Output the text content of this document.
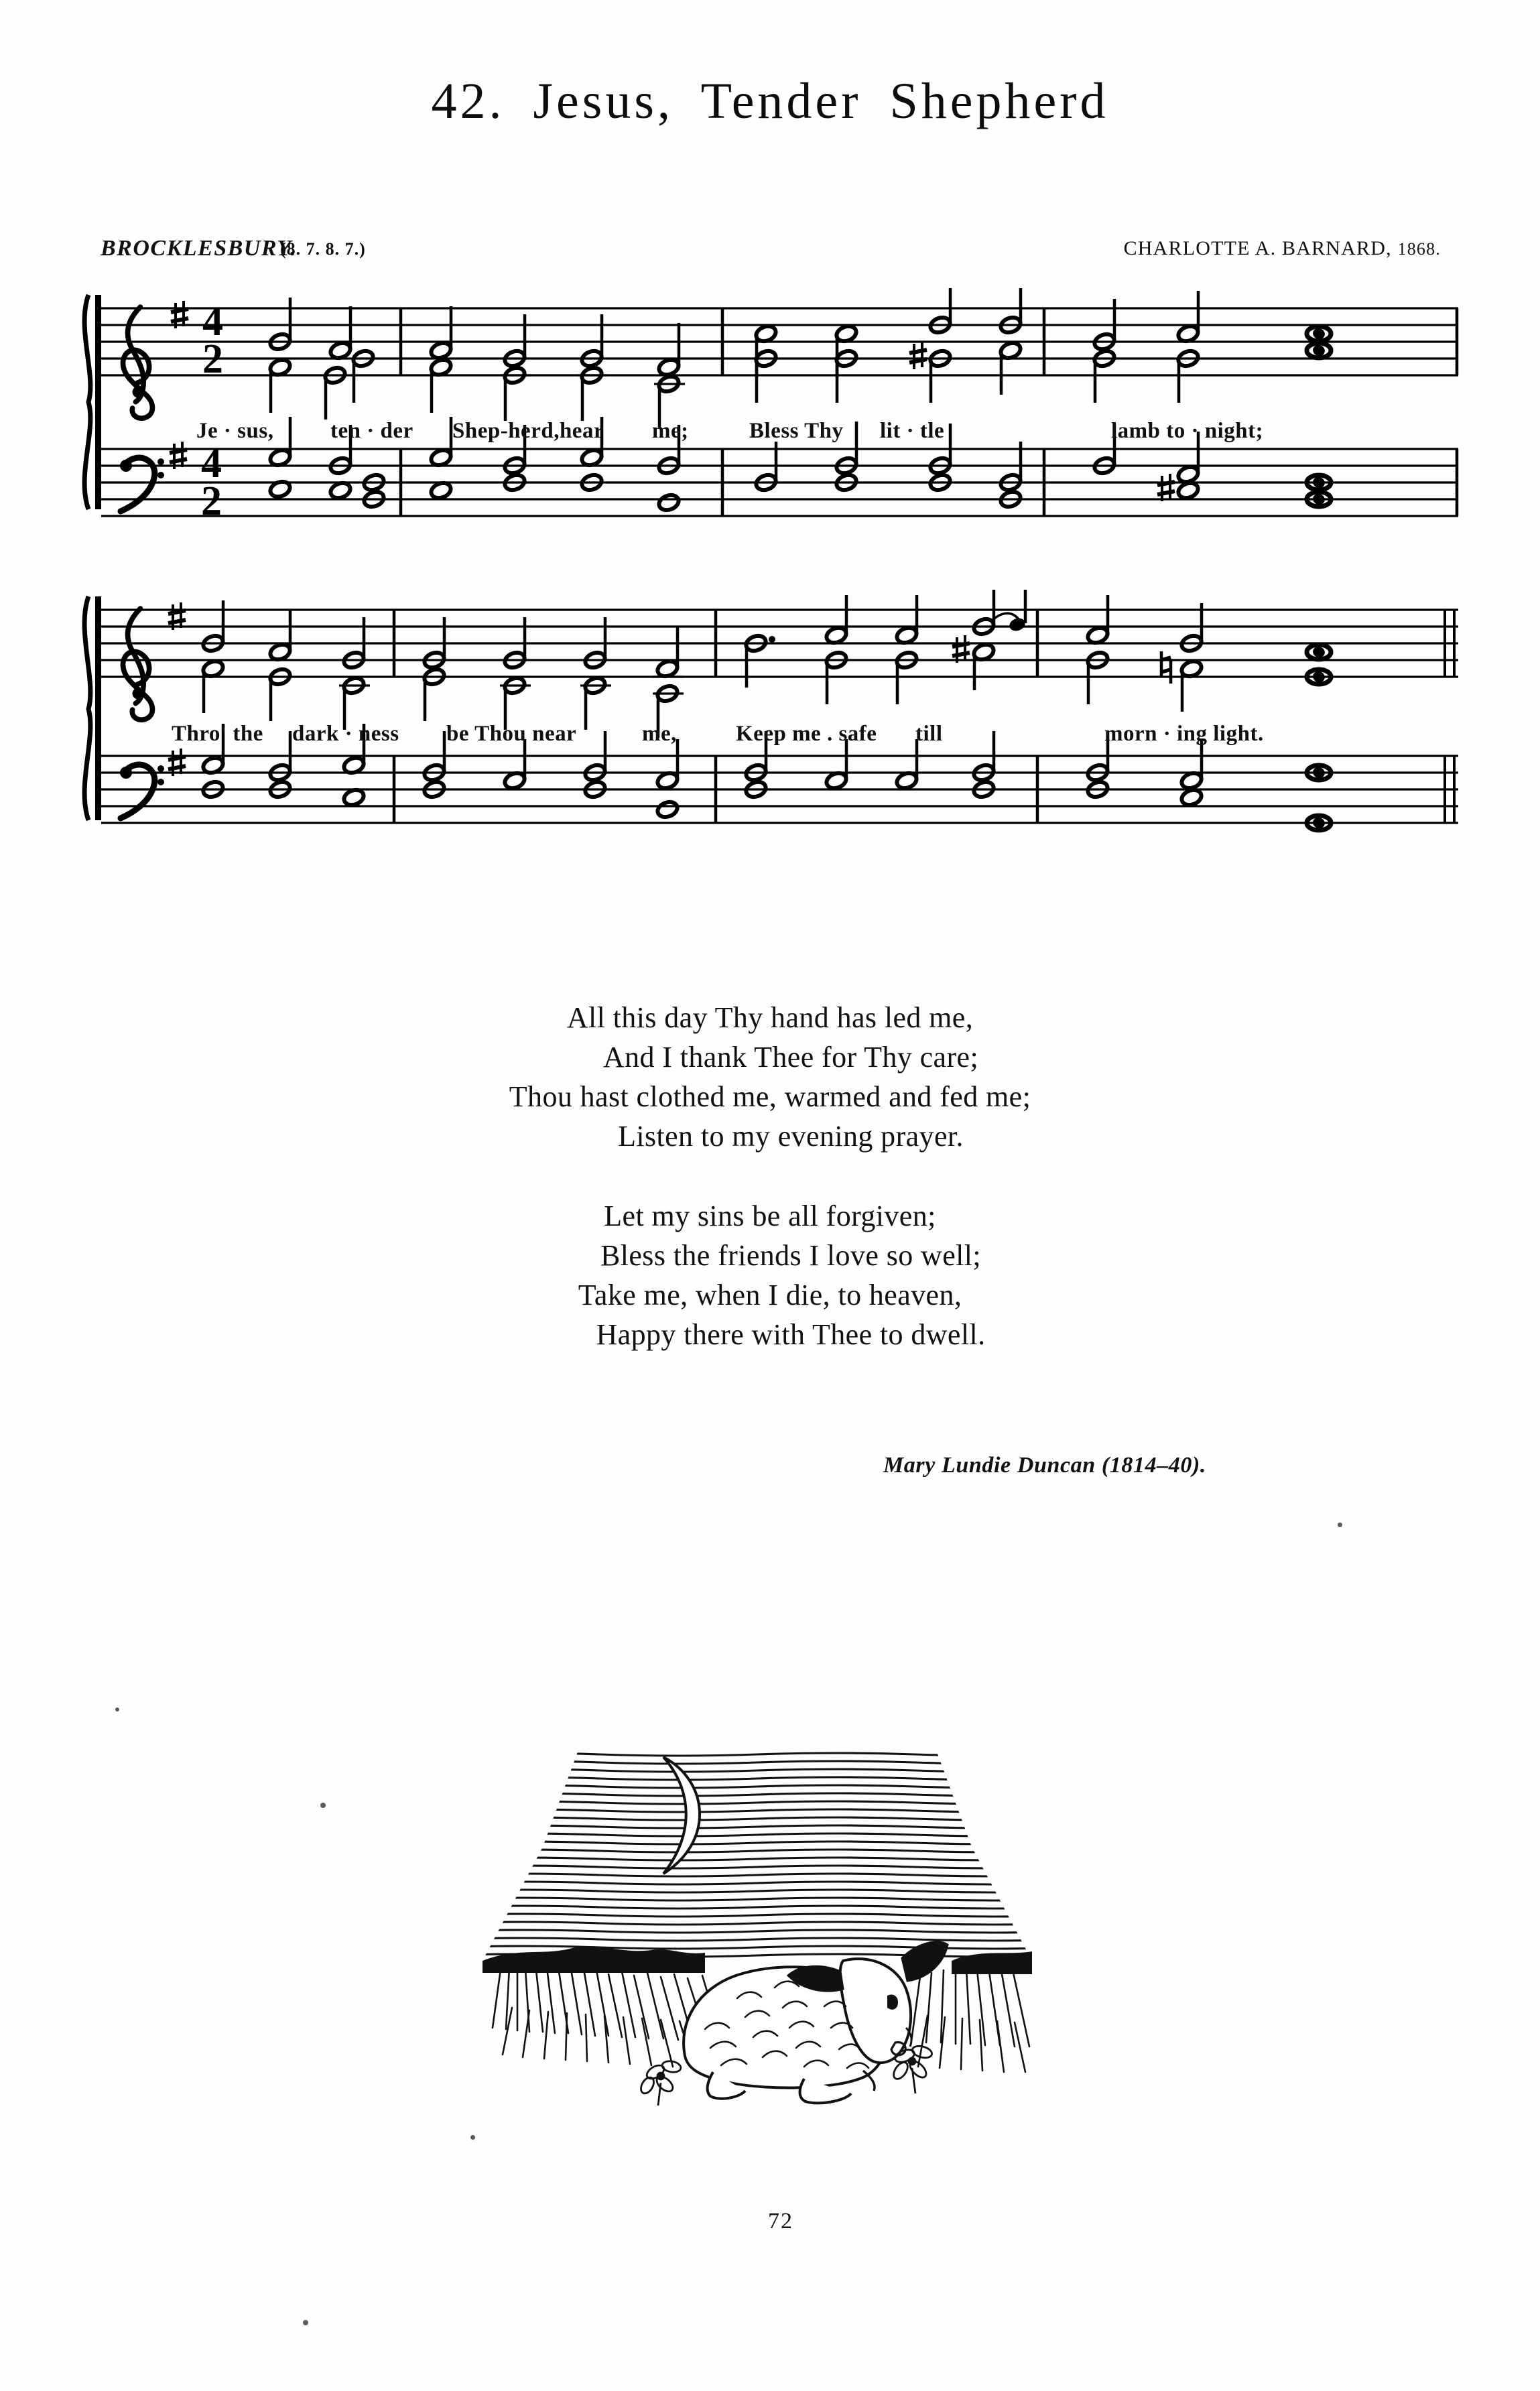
42. Jesus, Tender Shepherd
BROCKLESBURY.
(8. 7. 8. 7.)	CHARLOTTE A. BARNARD, 1868.
4
2
4
2
Je · sus,	ten · der Shep-herd,hear me;	Bless Thy lit · tle	lamb to · night;
Thro' the dark · ness be Thou near	me,	Keep me . safe till	morn · ing light.
All this day Thy hand has led me,
And I thank Thee for Thy care;
Thou hast clothed me, warmed and fed me;
Listen to my evening prayer.
Let my sins be all forgiven;
Bless the friends I love so well;
Take me, when I die, to heaven,
Happy there with Thee to dwell.
Mary Lundie Duncan (1814–40).
72
